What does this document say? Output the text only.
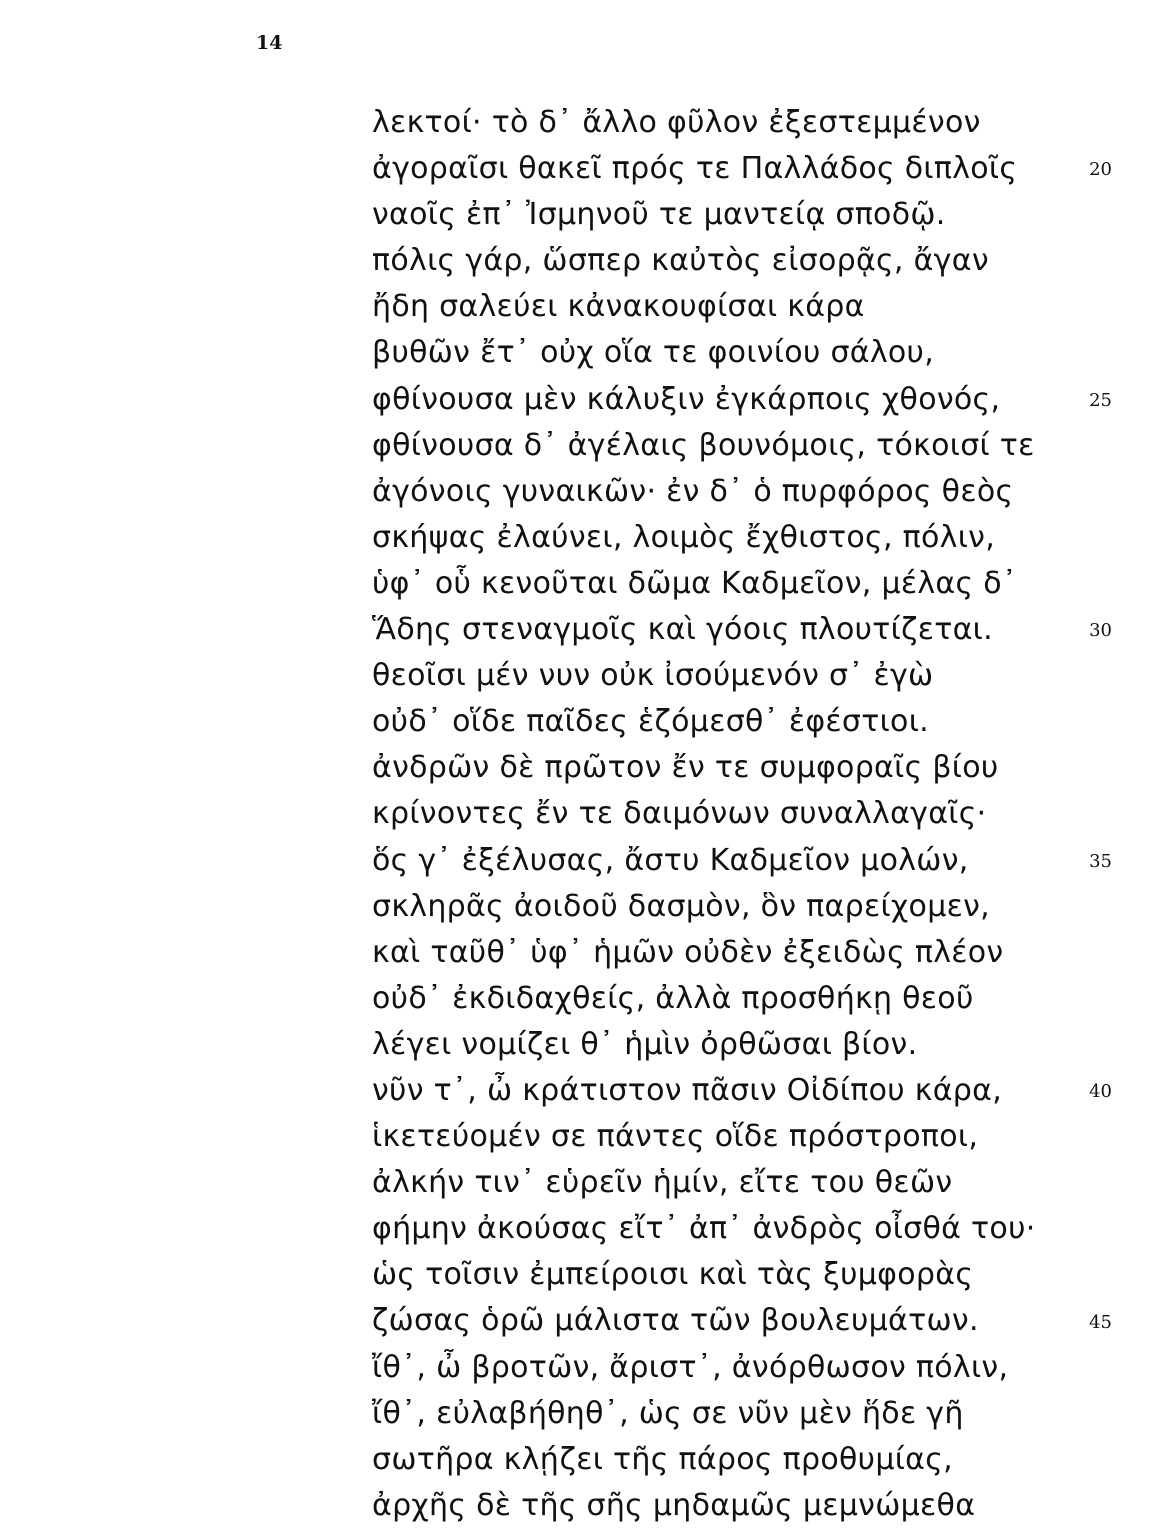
14
λεκτοί· τὸ δ᾽ ἄλλο φῦλον ἐξεστεμμένον
ἀγοραῖσι θακεῖ πρός τε Παλλάδος διπλοῖς
ναοῖς ἐπ᾽ Ἰσμηνοῦ τε μαντείᾳ σποδῷ.
πόλις γάρ, ὥσπερ καὐτὸς εἰσορᾷς, ἄγαν
ἤδη σαλεύει κἀνακουφίσαι κάρα
βυθῶν ἔτ᾽ οὐχ οἵα τε φοινίου σάλου,
φθίνουσα μὲν κάλυξιν ἐγκάρποις χθονός,
φθίνουσα δ᾽ ἀγέλαις βουνόμοις, τόκοισί τε
ἀγόνοις γυναικῶν· ἐν δ᾽ ὁ πυρφόρος θεὸς
σκήψας ἐλαύνει, λοιμὸς ἔχθιστος, πόλιν,
ὑφ᾽ οὗ κενοῦται δῶμα Καδμεῖον, μέλας δ᾽
Ἅδης στεναγμοῖς καὶ γόοις πλουτίζεται.
θεοῖσι μέν νυν οὐκ ἰσούμενόν σ᾽ ἐγὼ
οὐδ᾽ οἵδε παῖδες ἑζόμεσθ᾽ ἐφέστιοι.
ἀνδρῶν δὲ πρῶτον ἔν τε συμφοραῖς βίου
κρίνοντες ἔν τε δαιμόνων συναλλαγαῖς·
ὅς γ᾽ ἐξέλυσας, ἄστυ Καδμεῖον μολών,
σκληρᾶς ἀοιδοῦ δασμὸν, ὃν παρείχομεν,
καὶ ταῦθ᾽ ὑφ᾽ ἡμῶν οὐδὲν ἐξειδὼς πλέον
οὐδ᾽ ἐκδιδαχθείς, ἀλλὰ προσθήκῃ θεοῦ
λέγει νομίζει θ᾽ ἡμὶν ὀρθῶσαι βίον.
νῦν τ᾽, ὦ κράτιστον πᾶσιν Οἰδίπου κάρα,
ἱκετεύομέν σε πάντες οἵδε πρόστροποι,
ἀλκήν τιν᾽ εὑρεῖν ἡμίν, εἴτε του θεῶν
φήμην ἀκούσας εἴτ᾽ ἀπ᾽ ἀνδρὸς οἶσθά του·
ὡς τοῖσιν ἐμπείροισι καὶ τὰς ξυμφορὰς
ζώσας ὁρῶ μάλιστα τῶν βουλευμάτων.
ἴθ᾽, ὦ βροτῶν, ἄριστ᾽, ἀνόρθωσον πόλιν,
ἴθ᾽, εὐλαβήθηθ᾽, ὡς σε νῦν μὲν ἥδε γῆ
σωτῆρα κλῄζει τῆς πάρος προθυμίας,
ἀρχῆς δὲ τῆς σῆς μηδαμῶς μεμνώμεθα
20
25
30
35
40
45
